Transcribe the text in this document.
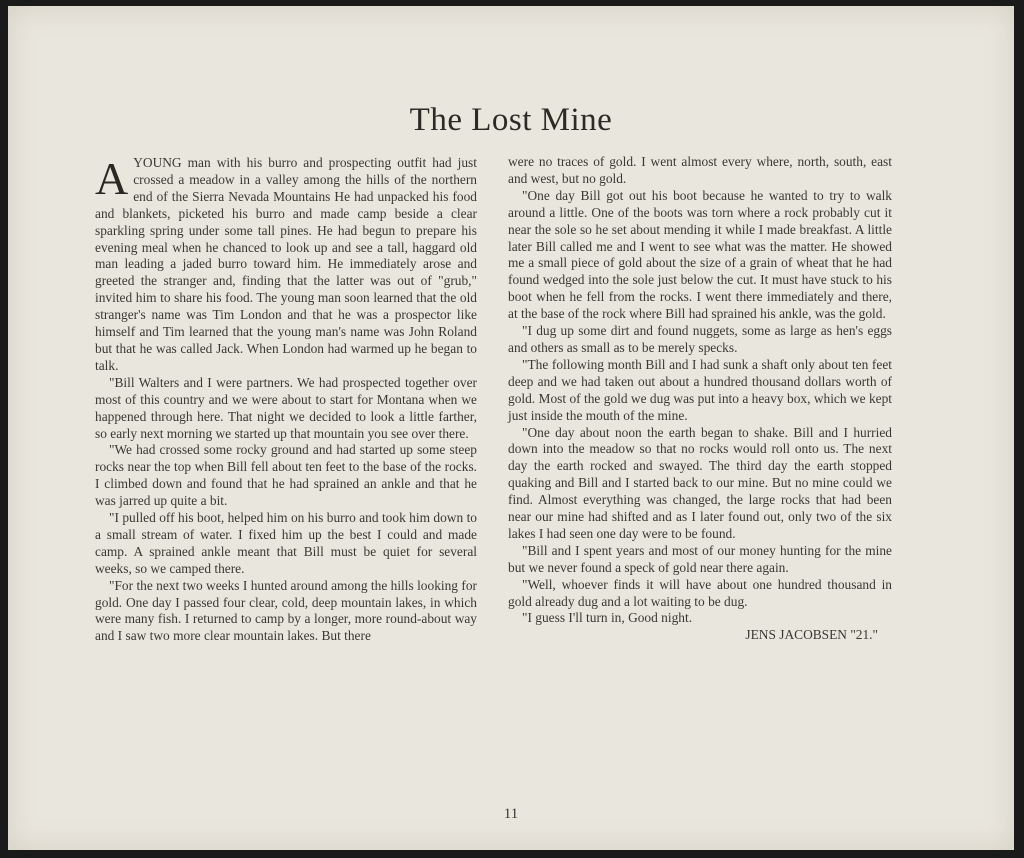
The Lost Mine

AYOUNG man with his burro and prospecting outfit had just crossed a meadow in a valley among the hills of the northern end of the Sierra Nevada Mountains He had unpacked his food and blankets, picketed his burro and made camp beside a clear sparkling spring under some tall pines. He had begun to prepare his evening meal when he chanced to look up and see a tall, haggard old man leading a jaded burro toward him. He immediately arose and greeted the stranger and, finding that the latter was out of "grub," invited him to share his food. The young man soon learned that the old stranger's name was Tim London and that he was a prospector like himself and Tim learned that the young man's name was John Roland but that he was called Jack. When London had warmed up he began to talk.

"Bill Walters and I were partners. We had prospected together over most of this country and we were about to start for Montana when we happened through here. That night we decided to look a little farther, so early next morning we started up that mountain you see over there.

"We had crossed some rocky ground and had started up some steep rocks near the top when Bill fell about ten feet to the base of the rocks. I climbed down and found that he had sprained an ankle and that he was jarred up quite a bit.

"I pulled off his boot, helped him on his burro and took him down to a small stream of water. I fixed him up the best I could and made camp. A sprained ankle meant that Bill must be quiet for several weeks, so we camped there.

"For the next two weeks I hunted around among the hills looking for gold. One day I passed four clear, cold, deep mountain lakes, in which were many fish. I returned to camp by a longer, more round-about way and I saw two more clear mountain lakes. But there

were no traces of gold. I went almost every where, north, south, east and west, but no gold.

"One day Bill got out his boot because he wanted to try to walk around a little. One of the boots was torn where a rock probably cut it near the sole so he set about mending it while I made breakfast. A little later Bill called me and I went to see what was the matter. He showed me a small piece of gold about the size of a grain of wheat that he had found wedged into the sole just below the cut. It must have stuck to his boot when he fell from the rocks. I went there immediately and there, at the base of the rock where Bill had sprained his ankle, was the gold.

"I dug up some dirt and found nuggets, some as large as hen's eggs and others as small as to be merely specks.

"The following month Bill and I had sunk a shaft only about ten feet deep and we had taken out about a hundred thousand dollars worth of gold. Most of the gold we dug was put into a heavy box, which we kept just inside the mouth of the mine.

"One day about noon the earth began to shake. Bill and I hurried down into the meadow so that no rocks would roll onto us. The next day the earth rocked and swayed. The third day the earth stopped quaking and Bill and I started back to our mine. But no mine could we find. Almost everything was changed, the large rocks that had been near our mine had shifted and as I later found out, only two of the six lakes I had seen one day were to be found.

"Bill and I spent years and most of our money hunting for the mine but we never found a speck of gold near there again.

"Well, whoever finds it will have about one hundred thousand in gold already dug and a lot waiting to be dug.

"I guess I'll turn in, Good night.

JENS JACOBSEN "21."

11
